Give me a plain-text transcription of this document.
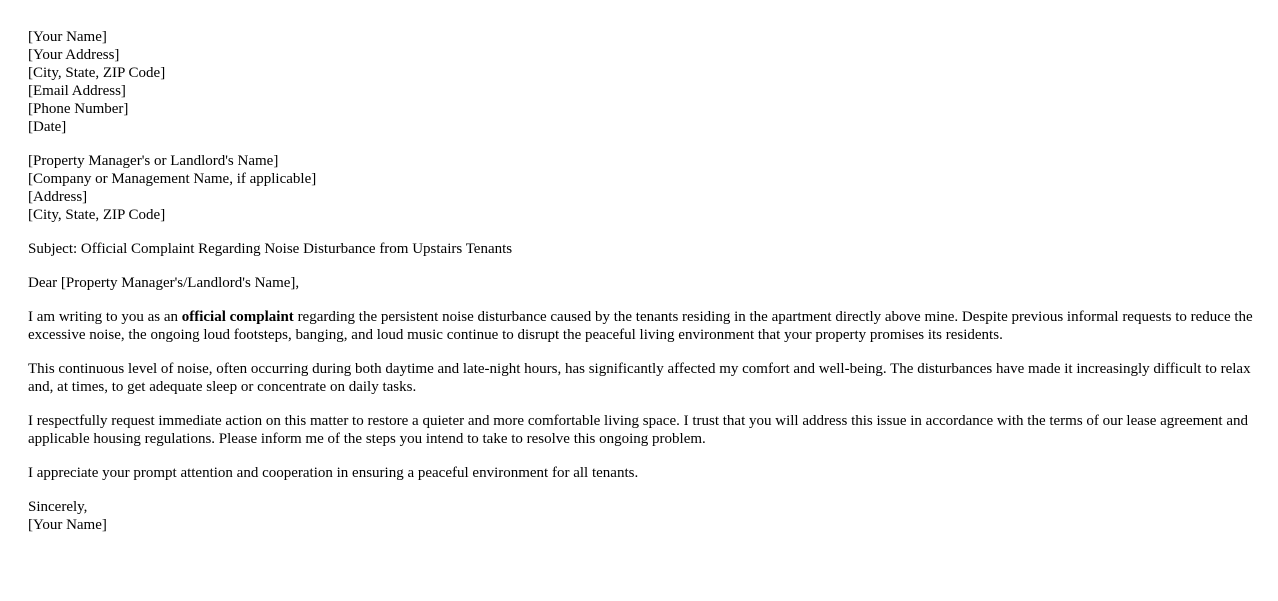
[Your Name]
[Your Address]
[City, State, ZIP Code]
[Email Address]
[Phone Number]
[Date]
[Property Manager's or Landlord's Name]
[Company or Management Name, if applicable]
[Address]
[City, State, ZIP Code]

Subject: Official Complaint Regarding Noise Disturbance from Upstairs Tenants

Dear [Property Manager's/Landlord's Name],

I am writing to you as an official complaint regarding the persistent noise disturbance caused by the tenants residing in the apartment directly above mine. Despite previous informal requests to reduce the excessive noise, the ongoing loud footsteps, banging, and loud music continue to disrupt the peaceful living environment that your property promises its residents.

This continuous level of noise, often occurring during both daytime and late-night hours, has significantly affected my comfort and well-being. The disturbances have made it increasingly difficult to relax and, at times, to get adequate sleep or concentrate on daily tasks.

I respectfully request immediate action on this matter to restore a quieter and more comfortable living space. I trust that you will address this issue in accordance with the terms of our lease agreement and applicable housing regulations. Please inform me of the steps you intend to take to resolve this ongoing problem.

I appreciate your prompt attention and cooperation in ensuring a peaceful environment for all tenants.

Sincerely,
[Your Name]
